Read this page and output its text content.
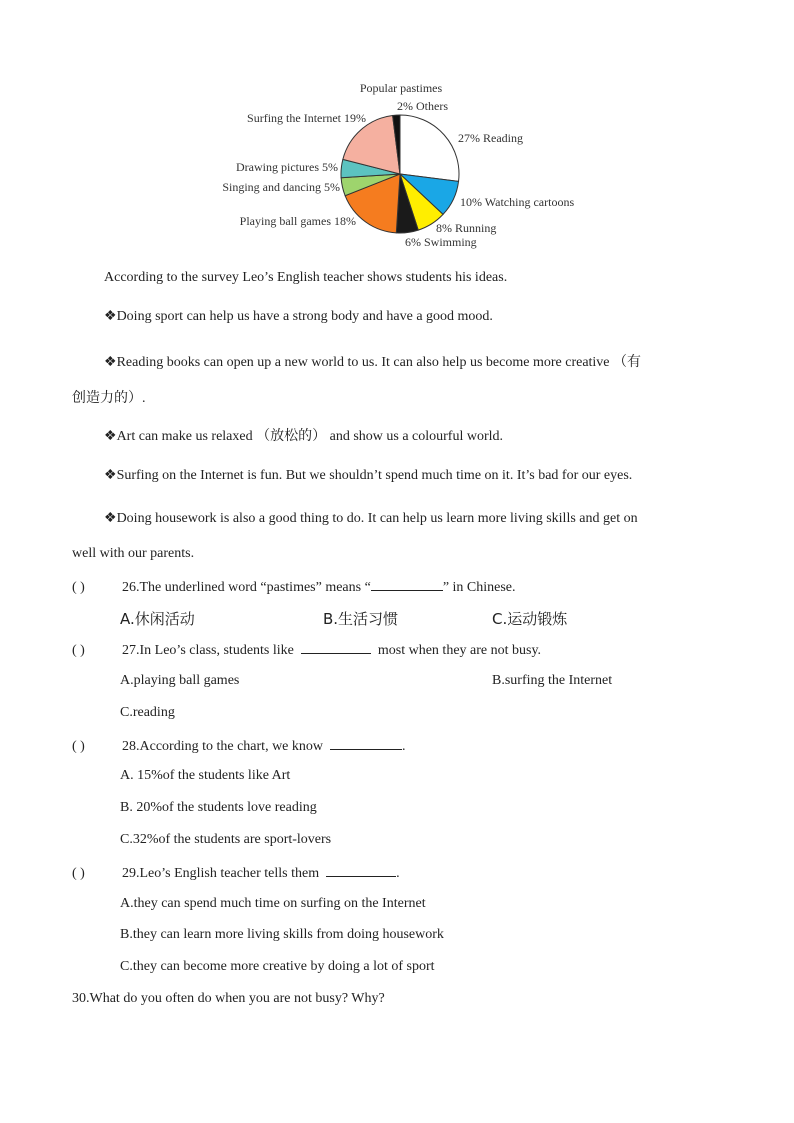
Popular pastimes
27% Reading
10% Watching cartoons
8% Running
6% Swimming
Playing ball games 18%
Singing and dancing 5%
Drawing pictures 5%
Surfing the Internet 19%
2% Others
According to the survey Leo’s English teacher shows students his ideas.
❖Doing sport can help us have a strong body and have a good mood.
❖Reading books can open up a new world to us. It can also help us become more creative （有
创造力的）.
❖Art can make us relaxed （放松的） and show us a colourful world.
❖Surfing on the Internet is fun. But we shouldn’t spend much time on it. It’s bad for our eyes.
❖Doing housework is also a good thing to do. It can help us learn more living skills and get on
well with our parents.
( )	26.The underlined word “pastimes” means “	” in Chinese.
A.休闲活动	B.生活习惯	C.运动锻炼
( )	27.In Leo’s class, students like	most when they are not busy.
A.playing ball games	B.surfing the Internet
C.reading
( )	28.According to the chart, we know	.
A. 15%of the students like Art
B. 20%of the students love reading
C.32%of the students are sport-lovers
( )	29.Leo’s English teacher tells them	.
A.they can spend much time on surfing on the Internet
B.they can learn more living skills from doing housework
C.they can become more creative by doing a lot of sport
30.What do you often do when you are not busy? Why?
